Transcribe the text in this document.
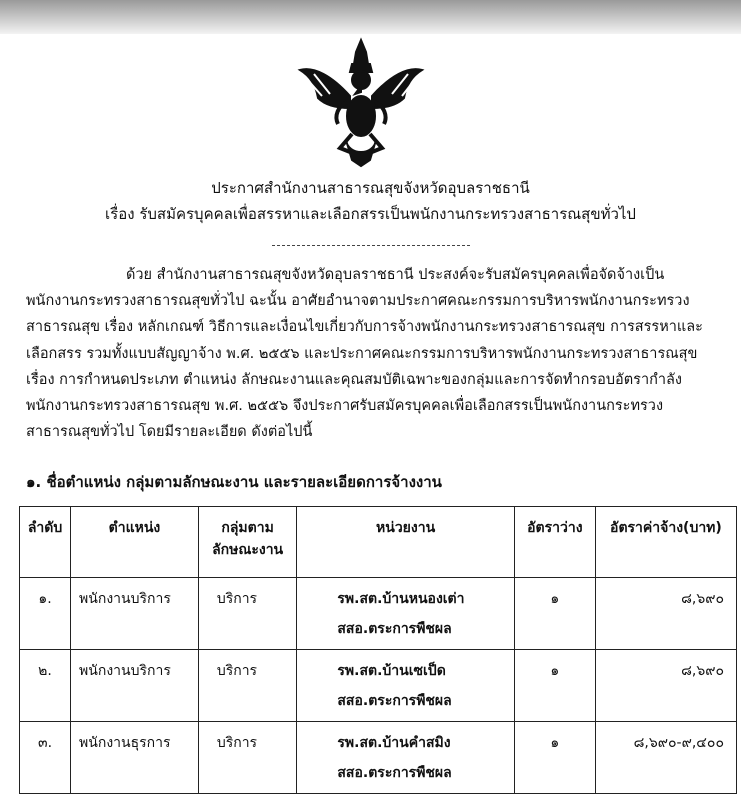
ประกาศสำนักงานสาธารณสุขจังหวัดอุบลราชธานี
เรื่อง รับสมัครบุคคลเพื่อสรรหาและเลือกสรรเป็นพนักงานกระทรวงสาธารณสุขทั่วไป
ด้วย สำนักงานสาธารณสุขจังหวัดอุบลราชธานี ประสงค์จะรับสมัครบุคคลเพื่อจัดจ้างเป็น
พนักงานกระทรวงสาธารณสุขทั่วไป ฉะนั้น อาศัยอำนาจตามประกาศคณะกรรมการบริหารพนักงานกระทรวง
สาธารณสุข เรื่อง หลักเกณฑ์ วิธีการและเงื่อนไขเกี่ยวกับการจ้างพนักงานกระทรวงสาธารณสุข การสรรหาและ
เลือกสรร รวมทั้งแบบสัญญาจ้าง พ.ศ. ๒๕๕๖ และประกาศคณะกรรมการบริหารพนักงานกระทรวงสาธารณสุข
เรื่อง การกำหนดประเภท ตำแหน่ง ลักษณะงานและคุณสมบัติเฉพาะของกลุ่มและการจัดทำกรอบอัตรากำลัง
พนักงานกระทรวงสาธารณสุข พ.ศ. ๒๕๕๖ จึงประกาศรับสมัครบุคคลเพื่อเลือกสรรเป็นพนักงานกระทรวง
สาธารณสุขทั่วไป โดยมีรายละเอียด ดังต่อไปนี้
๑. ชื่อตำแหน่ง กลุ่มตามลักษณะงาน และรายละเอียดการจ้างงาน
ลำดับ	ตำแหน่ง	กลุ่มตาม
ลักษณะงาน	หน่วยงาน	อัตราว่าง	อัตราค่าจ้าง(บาท)
๑.	พนักงานบริการ	บริการ	รพ.สต.บ้านหนองเต่า
สสอ.ตระการพืชผล	๑	๘,๖๙๐
๒.	พนักงานบริการ	บริการ	รพ.สต.บ้านเซเป็ด
สสอ.ตระการพืชผล	๑	๘,๖๙๐
๓.	พนักงานธุรการ	บริการ	รพ.สต.บ้านคำสมิง
สสอ.ตระการพืชผล	๑	๘,๖๙๐-๙,๔๐๐
